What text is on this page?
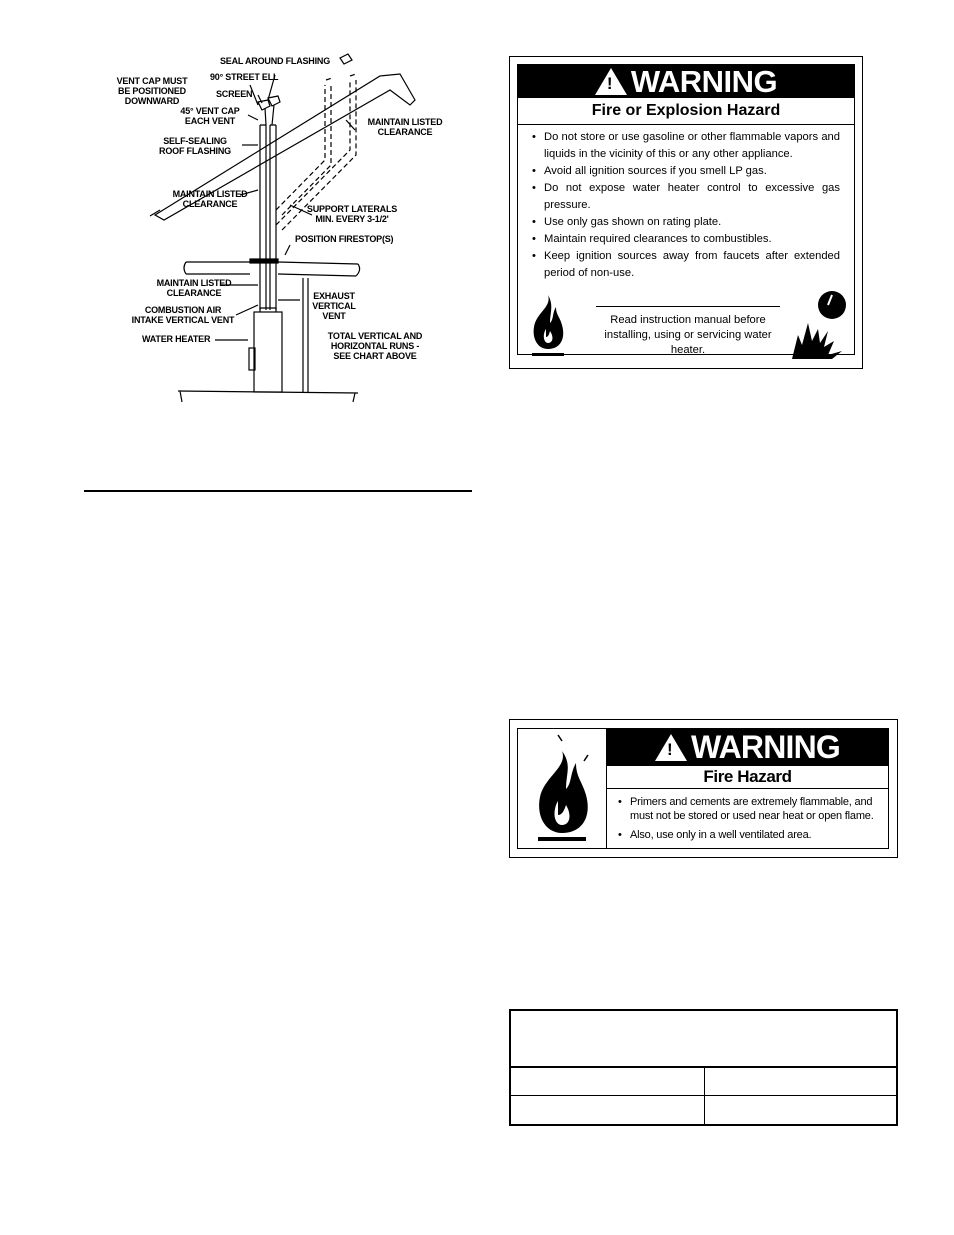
SEAL AROUND FLASHING
VENT CAP MUST
BE POSITIONED
DOWNWARD
90° STREET ELL
SCREEN
45° VENT CAP
EACH VENT
SELF-SEALING
ROOF FLASHING
MAINTAIN LISTED
CLEARANCE
MAINTAIN LISTED
CLEARANCE	SUPPORT LATERALS
MIN. EVERY 3-1/2'
POSITION FIRESTOP(S)
MAINTAIN LISTED
CLEARANCE
COMBUSTION AIR
INTAKE VERTICAL VENT
EXHAUST
VERTICAL
VENT
WATER HEATER	TOTAL VERTICAL AND
HORIZONTAL RUNS -
SEE CHART ABOVE
! WARNING
Fire or Explosion Hazard
• Do not store or use gasoline or other flammable vapors and liquids in the vicinity of this or any other appliance.
• Avoid all ignition sources if you smell LP gas.
• Do not expose water heater control to excessive gas pressure.
• Use only gas shown on rating plate.
• Maintain required clearances to combustibles.
• Keep ignition sources away from faucets after extended period of non-use.
Read instruction manual before installing, using or servicing water heater.
! WARNING
Fire Hazard
• Primers and cements are extremely flammable, and must not be stored or used near heat or open flame.
• Also, use only in a well ventilated area.
